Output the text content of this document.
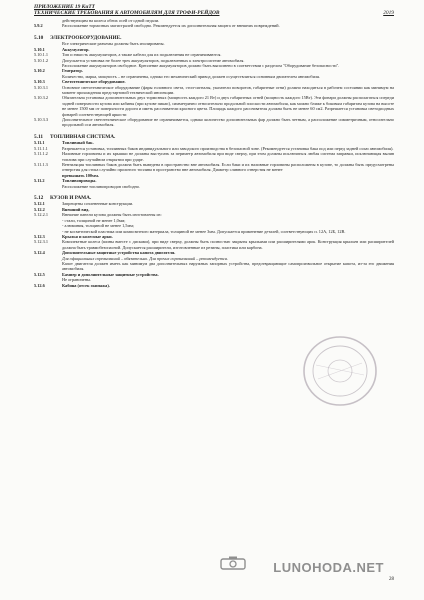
ПРИЛОЖЕНИЕ 19 КиТТ
ТЕХНИЧЕСКИЕ ТРЕБОВАНИЯ К АВТОМОБИЛЯМ ДЛЯ ТРОФИ-РЕЙДОВ	2019
действующим на колеса обеих осей от одной педали.
5.9.2	Расположение тормозных магистралей свободно. Рекомендуется их дополнительная защита от внешних повреждений.
5.10	ЭЛЕКТРООБОРУДОВАНИЕ.
Все электрические разъемы должны быть изолированы.
5.10.1	Аккумулятор.
5.10.1.1	Тип и емкость аккумуляторов, а также кабели для их подключения не ограничиваются.
5.10.1.2	Допускается установка не более трех аккумуляторов, подключенных к электросистеме автомобиля.
Расположение аккумуляторов свободное. Крепление аккумуляторов должно быть выполнено в соответствии с разделом "Оборудование безопасности".
5.10.2	Генератор.
Количество, марка, мощность – не ограничены, однако его механический привод должен осуществляться основным двигателем автомобиля.
5.10.3	Светотехническое оборудование.
5.10.3.1	Основное светотехническое оборудование (фары головного света, стоп-сигналы, указатели поворотов, габаритные огни) должно находиться в рабочем состоянии как минимум на момент прохождения предстартовой технической инспекции.
5.10.3.2	Обязательна установка дополнительных двух тормозных (мощность каждого 21 Вт) и двух габаритных огней (мощность каждого 15Вт). Эти фонари должны располагаться спереди задней поверхности кузова или кабины (при кузове пикап), симметрично относительно продольной плоскости автомобиля, как можно ближе к боковым габаритам кузова на высоте не менее 1500 мм от поверхности дороги и иметь рассеиватели красного цвета. Площадь каждого рассеивателя должна быть не менее 60 см2. Разрешается установка светодиодных фонарей соответствующей яркости
5.10.3.3	Дополнительное светотехническое оборудование не ограничивается, однако количество дополнительных фар должно быть четным, а расположение симметричным, относительно продольной оси автомобиля.
5.11	ТОПЛИВНАЯ СИСТЕМА.
5.11.1	Топливный бак.
5.11.1.1	Разрешается установка, топливных баков индивидуального или заводского производства в безопасной зоне. (Рекомендуется установка бака под или перед задней осью автомобиля).
5.11.1.2	Наливные горловины и их крышки не должны выступать за периметр автомобиля при виде сверху, при этом должны исключаться любая система заправки, исключающая вылив топлива при случайном открытии при ударе.
5.11.1.3	Вентиляция топливных баков должна быть выведена в пространство вне автомобиля. Если баки и их наливные горловины расположены в кузове, то должны быть предусмотрены отверстия для стока случайно пролитого топлива в пространство вне автомобиля. Диаметр сливного отверстия не менее
превышать 100мм.
5.11.2	Топливопроводы.
Расположение топливопроводов свободно.
5.12	КУЗОВ И РАМА.
5.12.1	Запрещены сочлененные конструкции.
5.12.2	Внешний вид.
5.12.2.1	Внешние панели кузова должны быть изготовлены из:
- стали, толщиной не менее 1,0мм;
- алюминия, толщиной не менее 1,5мм;
- не косметической пластика или композитного материала, толщиной не менее 3мм. Допускается применение деталей, соответствующих п. 12А, 12Б, 12В.
5.12.3	Крылья и колесные арки.
5.12.3.1	Комплектные колеса (шины вместе с дисками), при виде сверху, должны быть полностью закрыты крыльями или расширителями арок. Конструкция крыльев или расширителей должна быть травмобезопасной. Допускается расширители, изготовленные из резины, пластика или карбона.
5.12.4	Дополнительные защитные устройства капота двигателя.
Для официальных соревнований – обязательно. Для прочих соревнований – рекомендуется.
Капот двигателя должен иметь как минимум два дополнительных наружных запорных устройства, предотвращающие самопроизвольное открытие капота, из-за его движения автомобиля.
5.12.5	Бампер и дополнительные защитные устройства.
Не ограничены.
5.12.6	Кабина (отсек экипажа).
LUNOHODA.NET
28
